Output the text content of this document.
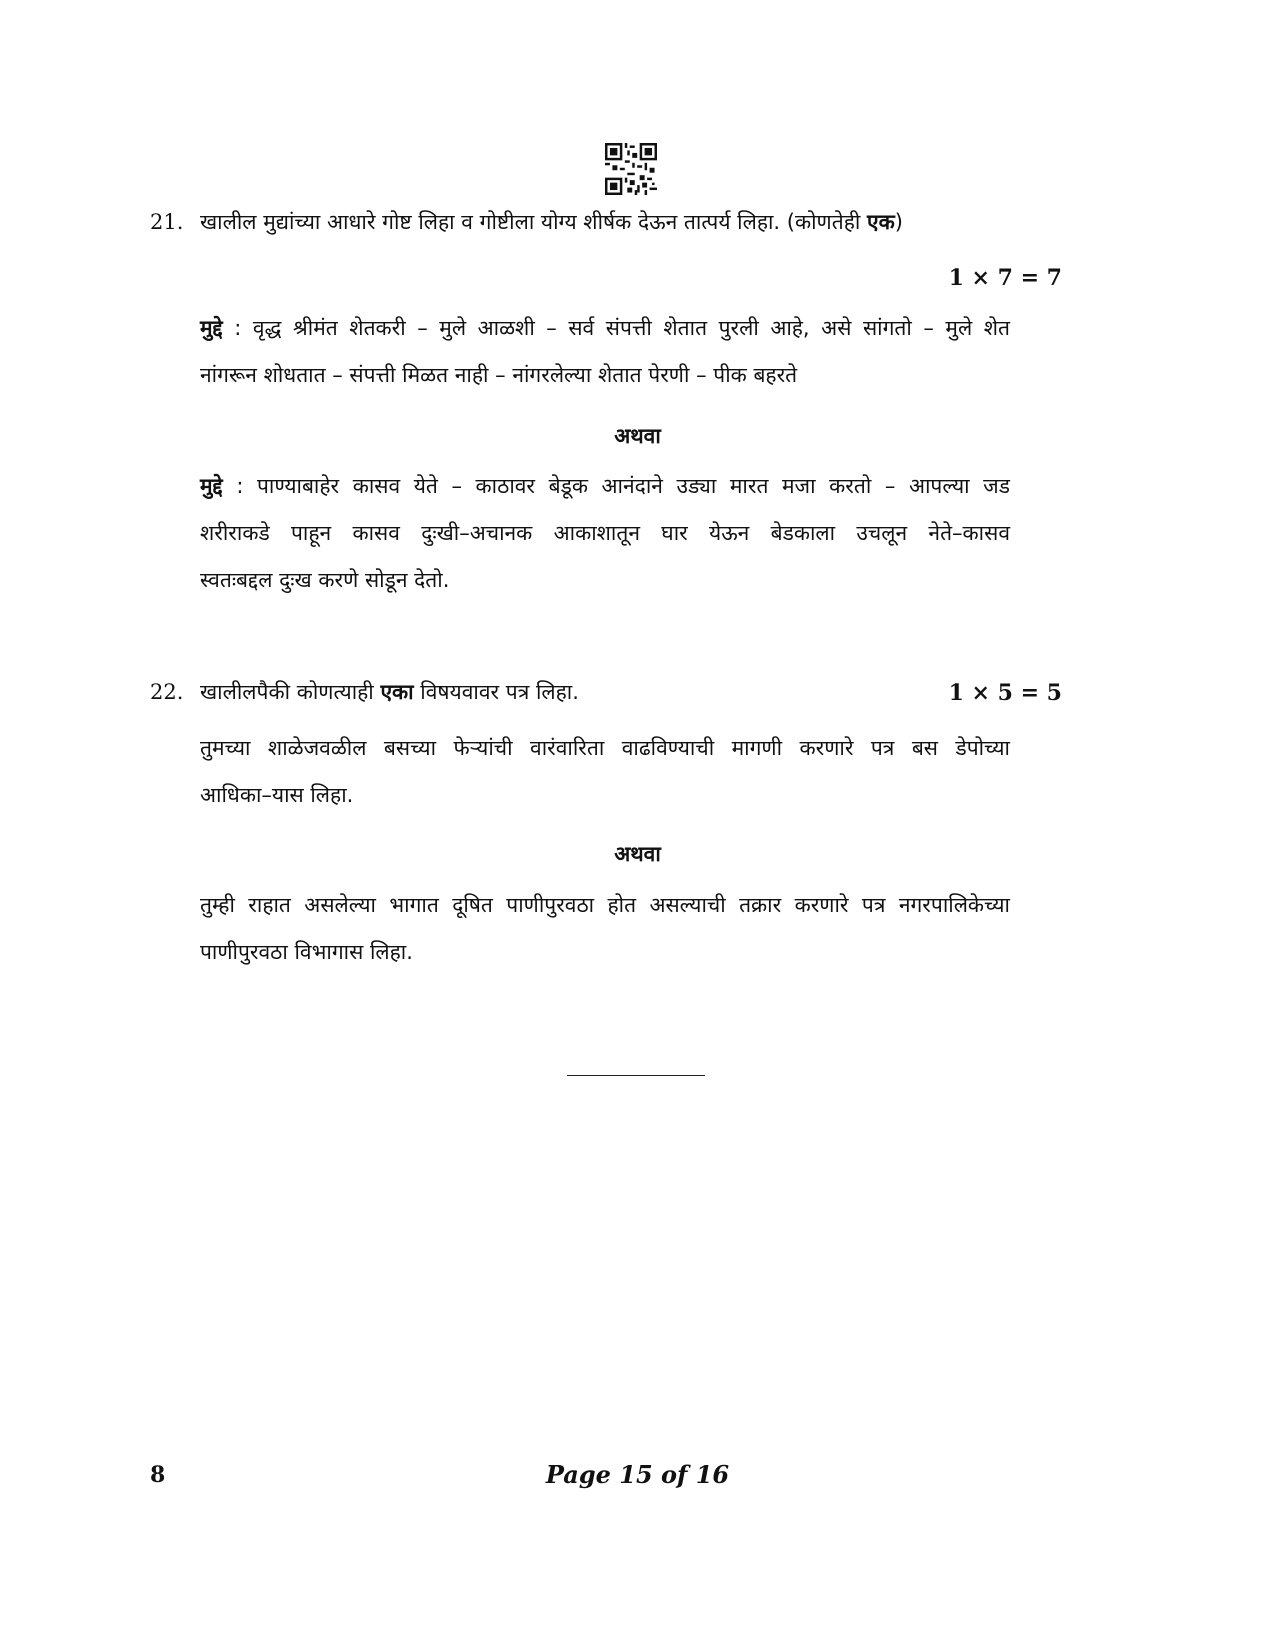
21. खालील मुद्यांच्या आधारे गोष्ट लिहा व गोष्टीला योग्य शीर्षक देऊन तात्पर्य लिहा. (कोणतेही एक)
1 × 7 = 7
मुद्दे : वृद्ध श्रीमंत शेतकरी – मुले आळशी – सर्व संपत्ती शेतात पुरली आहे, असे सांगतो – मुले शेत
नांगरून शोधतात – संपत्ती मिळत नाही – नांगरलेल्या शेतात पेरणी – पीक बहरते
अथवा
मुद्दे : पाण्याबाहेर कासव येते – काठावर बेडूक आनंदाने उड्या मारत मजा करतो – आपल्या जड
शरीराकडे पाहून कासव दुःखी–अचानक आकाशातून घार येऊन बेडकाला उचलून नेते–कासव
स्वतःबद्दल दुःख करणे सोडून देतो.
22. खालीलपैकी कोणत्याही एका विषयवावर पत्र लिहा.	1 × 5 = 5
तुमच्या शाळेजवळील बसच्या फेऱ्यांची वारंवारिता वाढविण्याची मागणी करणारे पत्र बस डेपोच्या
आधिका–यास लिहा.
अथवा
तुम्ही राहात असलेल्या भागात दूषित पाणीपुरवठा होत असल्याची तक्रार करणारे पत्र नगरपालिकेच्या
पाणीपुरवठा विभागास लिहा.
8	Page 15 of 16
